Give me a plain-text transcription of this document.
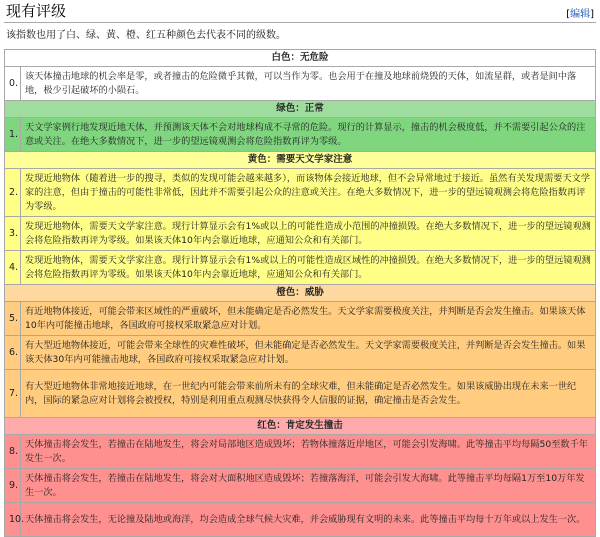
现有评级	[编辑]
该指数也用了白、绿、黄、橙、红五种颜色去代表不同的级数。
白色：无危险	
0.	该天体撞击地球的机会率是零，或者撞击的危险微乎其微，可以当作为零。也会用于在撞及地球前烧毁的天体，如流星群，或者是间中落地，极少引起破坏的小陨石。
绿色：正常	
1.	天文学家例行地发现近地天体，并预测该天体不会对地球构成不寻常的危险。现行的计算显示，撞击的机会极度低，并不需要引起公众的注意或关注。在绝大多数情况下，进一步的望远镜观测会将危险指数再评为零级。
黄色：需要天文学家注意	
2.	发现近地物体（随着进一步的搜寻，类似的发现可能会越来越多），而该物体会接近地球，但不会异常地过于接近。虽然有关发现需要天文学家的注意，但由于撞击的可能性非常低，因此并不需要引起公众的注意或关注。在绝大多数情况下，进一步的望远镜观测会将危险指数再评为零级。
3.	发现近地物体，需要天文学家注意。现行计算显示会有1%或以上的可能性造成小范围的冲撞损毁。在绝大多数情况下，进一步的望远镜观测会将危险指数再评为零级。如果该天体10年内会靠近地球，应通知公众和有关部门。
4.	发现近地物体，需要天文学家注意。现行计算显示会有1%或以上的可能性造成区域性的冲撞损毁。在绝大多数情况下，进一步的望远镜观测会将危险指数再评为零级。如果该天体10年内会靠近地球，应通知公众和有关部门。
橙色：威胁	
5.	有近地物体接近，可能会带来区域性的严重破坏，但未能确定是否必然发生。天文学家需要极度关注，并判断是否会发生撞击。如果该天体10年内可能撞击地球，各国政府可接权采取紧急应对计划。
6.	有大型近地物体接近，可能会带来全球性的灾难性破坏，但未能确定是否必然发生。天文学家需要极度关注，并判断是否会发生撞击。如果该天体30年内可能撞击地球，各国政府可接权采取紧急应对计划。
7.	有大型近地物体非常地接近地球，在一世纪内可能会带来前所未有的全球灾难，但未能确定是否必然发生。如果该威胁出现在未来一世纪内，国际的紧急应对计划将会被授权，特别是利用重点观测尽快获得令人信服的证据，确定撞击是否会发生。
红色：肯定发生撞击	
8.	天体撞击将会发生，若撞击在陆地发生，将会对局部地区造成毁坏；若物体撞落近岸地区，可能会引发海啸。此等撞击平均每隔50至数千年发生一次。
9.	天体撞击将会发生，若撞击在陆地发生，将会对大面积地区造成毁坏；若撞落海洋，可能会引发大海啸。此等撞击平均每隔1万至10万年发生一次。
10.	天体撞击将会发生，无论撞及陆地或海洋，均会造成全球气候大灾难，并会威胁现有文明的未来。此等撞击平均每十万年或以上发生一次。
